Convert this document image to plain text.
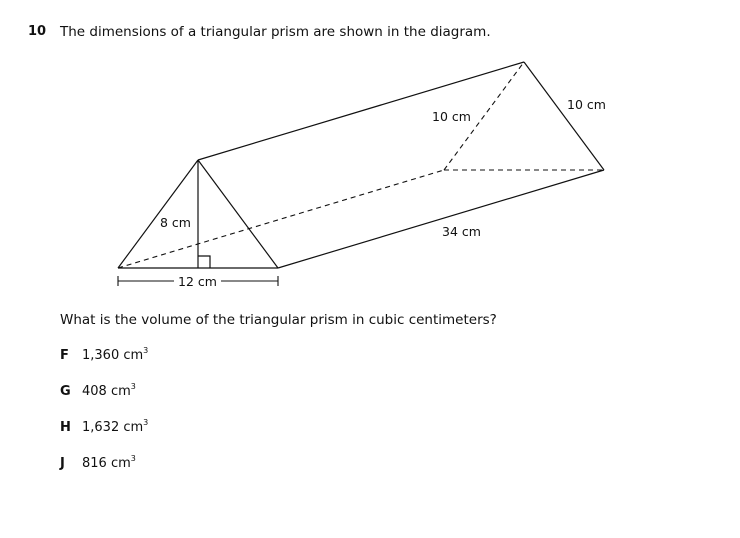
10 The dimensions of a triangular prism are shown in the diagram.
8 cm
12 cm
34 cm
10 cm
10 cm
What is the volume of the triangular prism in cubic centimeters?
F 1,360 $cm^3$
G 408 $cm^3$
H 1,632 $cm^3$
J 816 $cm^3$
